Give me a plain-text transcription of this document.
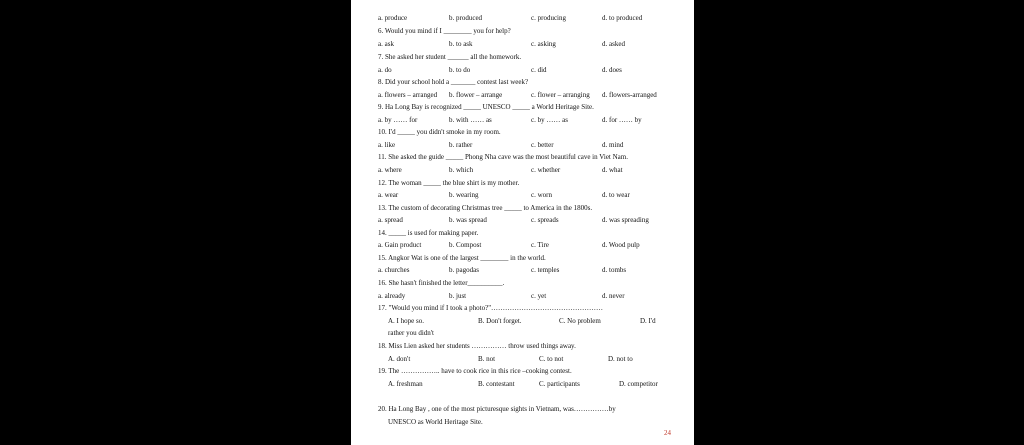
a. produce	b. produced	c. producing	d. to produced
6. Would you mind if I ________ you for help?
a. ask	b. to ask	c. asking	d. asked
7. She asked her student ______ all the homework.
a. do	b. to do	c. did	d. does
8. Did your school hold a _______ contest last week?
a. flowers – arranged b. flower – arrange	c. flower – arranging d. flowers-arranged
9. Ha Long Bay is recognized _____ UNESCO _____ a World Heritage Site.
a. by …… for	b. with …… as	c. by …… as	d. for …… by
10. I'd _____ you didn't smoke in my room.
a. like	b. rather	c. better	d. mind
11. She asked the guide _____ Phong Nha cave was the most beautiful cave in Viet Nam.
a. where	b. which	c. whether	d. what
12. The woman _____ the blue shirt is my mother.
a. wear	b. wearing	c. worn	d. to wear
13. The custom of decorating Christmas tree _____ to America in the 1800s.
a. spread	b. was spread	c. spreads	d. was spreading
14. _____ is used for making paper.
a. Gain product	b. Compost	c. Tire	d. Wood pulp
15. Angkor Wat is one of the largest ________ in the world.
a. churches	b. pagodas	c. temples	d. tombs
16. She hasn't finished the letter__________.
a. already	b. just	c. yet	d. never
17. "Would you mind if I took a photo?"…………………………………………
A. I hope so.	B. Don't forget.	C. No problem	D. I'd
rather you didn't
18. Miss Lien asked her students …………… throw used things away.
A. don't	B. not	C. to not	D. not to
19. The …………….. have to cook rice in this rice –cooking contest.
A. freshman	B. contestant	C. participants	D. competitor
20. Ha Long Bay , one of the most picturesque sights in Vietnam, was……………by
UNESCO as World Heritage Site.
24
